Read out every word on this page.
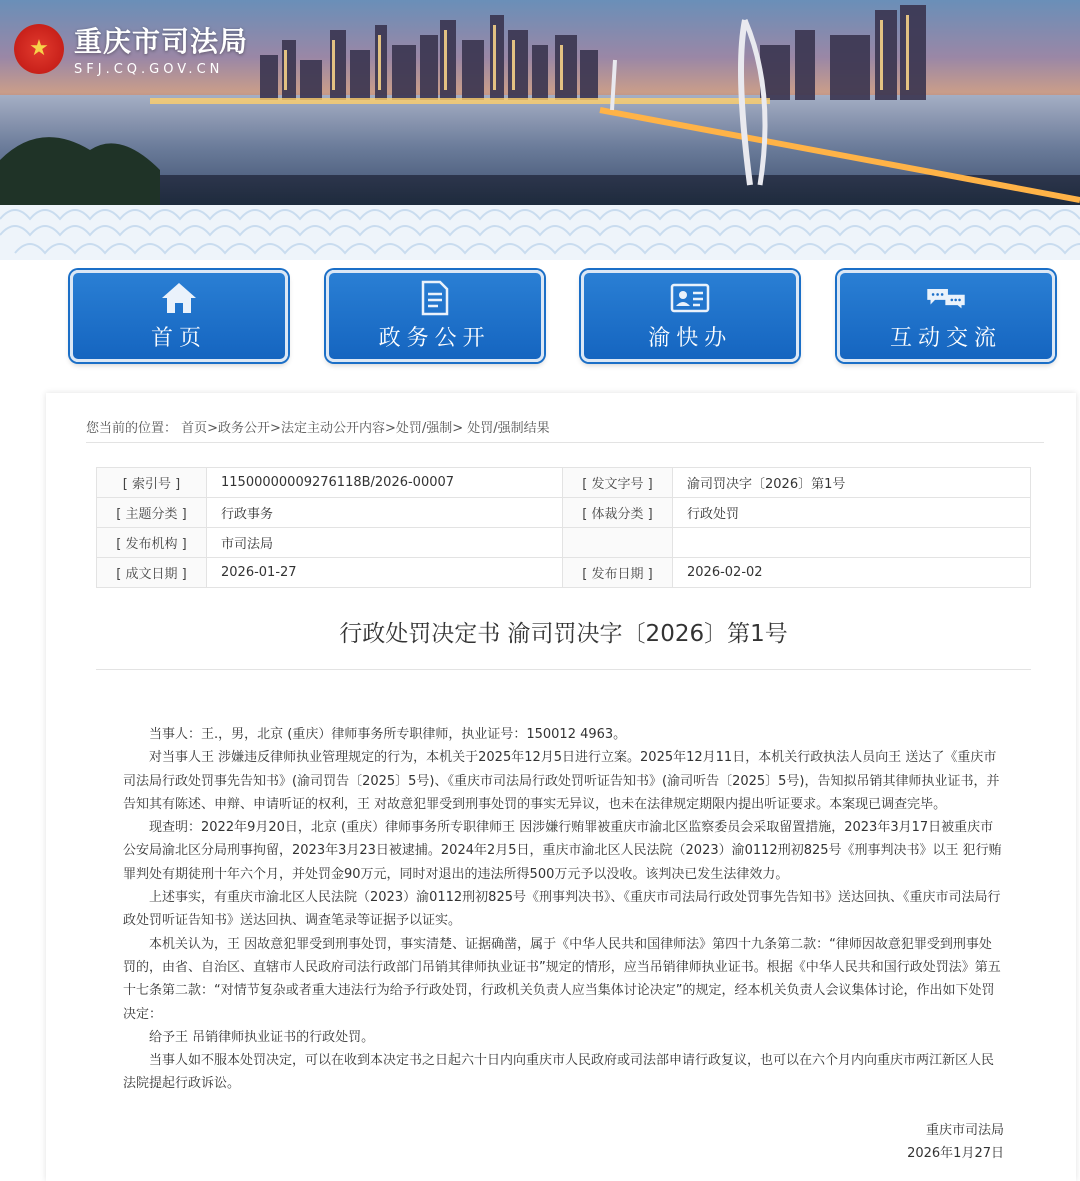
★ 重庆市司法局
SFJ.CQ.GOV.CN
首页	政务公开	渝快办	互动交流
您当前的位置： 首页>政务公开>法定主动公开内容>处罚/强制> 处罚/强制结果
[ 索引号 ]	11500000009276118B/2026-00007	[ 发文字号 ]	渝司罚决字〔2026〕第1号
[ 主题分类 ]	行政事务	[ 体裁分类 ]	行政处罚
[ 发布机构 ]	市司法局		
[ 成文日期 ]	2026-01-27	[ 发布日期 ]	2026-02-02
行政处罚决定书 渝司罚决字〔2026〕第1号

当事人：王.，男，北京 (重庆）律师事务所专职律师，执业证号：150012 4963。

对当事人王 涉嫌违反律师执业管理规定的行为，本机关于2025年12月5日进行立案。2025年12月11日，本机关行政执法人员向王 送达了《重庆市司法局行政处罚事先告知书》(渝司罚告〔2025〕5号)、《重庆市司法局行政处罚听证告知书》(渝司听告〔2025〕5号)，告知拟吊销其律师执业证书，并告知其有陈述、申辩、申请听证的权利，王 对故意犯罪受到刑事处罚的事实无异议，也未在法律规定期限内提出听证要求。本案现已调查完毕。

现查明：2022年9月20日，北京 (重庆）律师事务所专职律师王 因涉嫌行贿罪被重庆市渝北区监察委员会采取留置措施，2023年3月17日被重庆市公安局渝北区分局刑事拘留，2023年3月23日被逮捕。2024年2月5日，重庆市渝北区人民法院（2023）渝0112刑初825号《刑事判决书》以王 犯行贿罪判处有期徒刑十年六个月，并处罚金90万元，同时对退出的违法所得500万元予以没收。该判决已发生法律效力。

上述事实，有重庆市渝北区人民法院（2023）渝0112刑初825号《刑事判决书》、《重庆市司法局行政处罚事先告知书》送达回执、《重庆市司法局行政处罚听证告知书》送达回执、调查笔录等证据予以证实。

本机关认为，王 因故意犯罪受到刑事处罚，事实清楚、证据确凿，属于《中华人民共和国律师法》第四十九条第二款：“律师因故意犯罪受到刑事处罚的，由省、自治区、直辖市人民政府司法行政部门吊销其律师执业证书”规定的情形，应当吊销律师执业证书。根据《中华人民共和国行政处罚法》第五十七条第二款：“对情节复杂或者重大违法行为给予行政处罚，行政机关负责人应当集体讨论决定”的规定，经本机关负责人会议集体讨论，作出如下处罚决定：

给予王 吊销律师执业证书的行政处罚。

当事人如不服本处罚决定，可以在收到本决定书之日起六十日内向重庆市人民政府或司法部申请行政复议，也可以在六个月内向重庆市两江新区人民法院提起行政诉讼。

重庆市司法局
2026年1月27日
